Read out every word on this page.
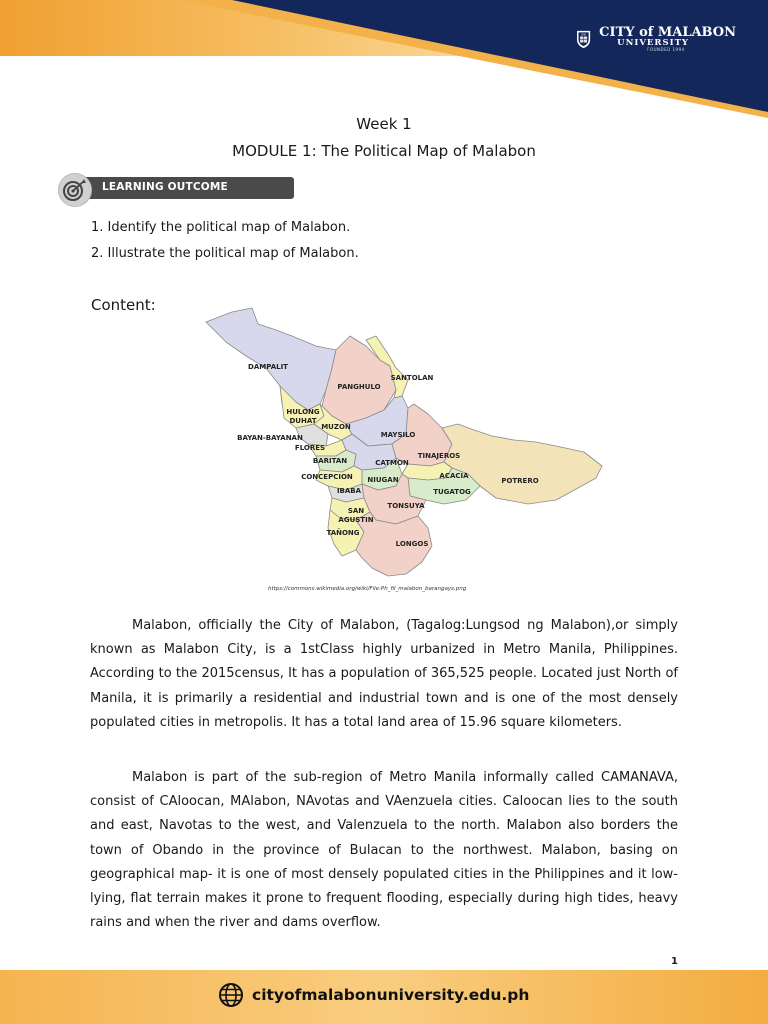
CMU CITY of MALABON
UNIVERSITY
FOUNDED 1994
Week 1
MODULE 1: The Political Map of Malabon
LEARNING OUTCOME
1. Identify the political map of Malabon.
2. Illustrate the political map of Malabon.
Content:
DAMPALIT
PANGHULO
SANTOLAN
HULONG DUHAT
MUZON
MAYSILO
BAYAN-BAYANAN
FLORES
BARITAN	CATMON
TINAJEROS
CONCEPCION NIUGAN	ACACIA
TUGATOG
POTRERO
IBABA
SAN AGUSTIN
TONSUYA
TAÑONG
LONGOS
https://commons.wikimedia.org/wiki/File:Ph_fil_malabon_barangays.png
Malabon, officially the City of Malabon, (Tagalog:Lungsod ng Malabon),or simply known as Malabon City, is a 1stClass highly urbanized in Metro Manila, Philippines. According to the 2015census, It has a population of 365,525 people. Located just North of Manila, it is primarily a residential and industrial town and is one of the most densely populated cities in metropolis. It has a total land area of 15.96 square kilometers.
Malabon is part of the sub-region of Metro Manila informally called CAMANAVA, consist of CAloocan, MAlabon, NAvotas and VAenzuela cities. Caloocan lies to the south and east, Navotas to the west, and Valenzuela to the north. Malabon also borders the town of Obando in the province of Bulacan to the northwest. Malabon, basing on geographical map- it is one of most densely populated cities in the Philippines and it low-lying, flat terrain makes it prone to frequent flooding, especially during high tides, heavy rains and when the river and dams overflow.
1
cityofmalabonuniversity.edu.ph
